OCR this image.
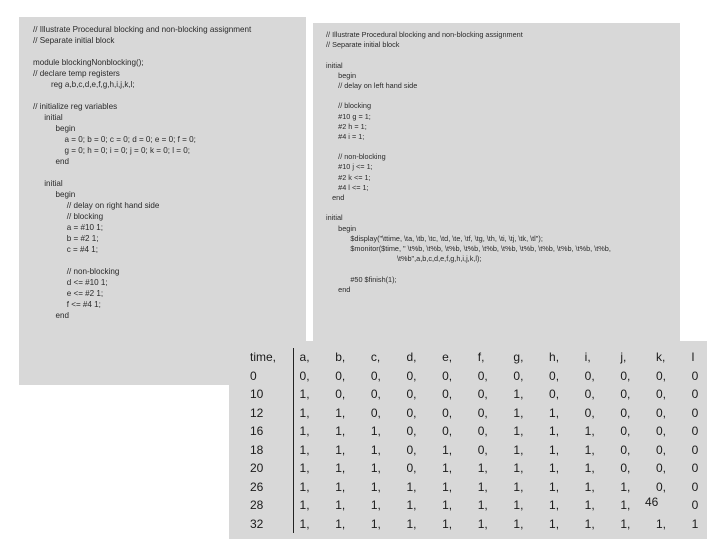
// Illustrate Procedural blocking and non-blocking assignment
// Separate initial block
module blockingNonblocking();
// declare temp registers
reg a,b,c,d,e,f,g,h,i,j,k,l;
// initialize reg variables
initial
begin
a = 0; b = 0; c = 0; d = 0; e = 0; f = 0;
g = 0; h = 0; i = 0; j = 0; k = 0; l = 0;
end
initial
begin
// delay on right hand side
// blocking
a = #10 1;
b = #2 1;
c = #4 1;
// non-blocking
d <= #10 1;
e <= #2 1;
f <= #4 1;
end
// Illustrate Procedural blocking and non-blocking assignment
// Separate initial block
initial
begin
// delay on left hand side
// blocking
#10 g = 1;
#2 h = 1;
#4 i = 1;
// non-blocking
#10 j <= 1;
#2 k <= 1;
#4 l <= 1;
end
initial
begin
$display("\ttime, \ta, \tb, \tc, \td, \te, \tf, \tg, \th, \ti, \tj, \tk, \tl");
$monitor($time, " \t%b, \t%b, \t%b, \t%b, \t%b, \t%b, \t%b, \t%b, \t%b, \t%b, \t%b,
\t%b",a,b,c,d,e,f,g,h,i,j,k,l);
#50 $finish(1);
end
time,	a,	b,	c,	d,	e,	f,	g,	h,	i,	j,	k,	l
0	0,	0,	0,	0,	0,	0,	0,	0,	0,	0,	0,	0
10	1,	0,	0,	0,	0,	0,	1,	0,	0,	0,	0,	0
12	1,	1,	0,	0,	0,	0,	1,	1,	0,	0,	0,	0
16	1,	1,	1,	0,	0,	0,	1,	1,	1,	0,	0,	0
18	1,	1,	1,	0,	1,	0,	1,	1,	1,	0,	0,	0
20	1,	1,	1,	0,	1,	1,	1,	1,	1,	0,	0,	0
26	1,	1,	1,	1,	1,	1,	1,	1,	1,	1,	0,	0
28	1,	1,	1,	1,	1,	1,	1,	1,	1,	1,		0
32	1,	1,	1,	1,	1,	1,	1,	1,	1,	1,	1,	1
46
